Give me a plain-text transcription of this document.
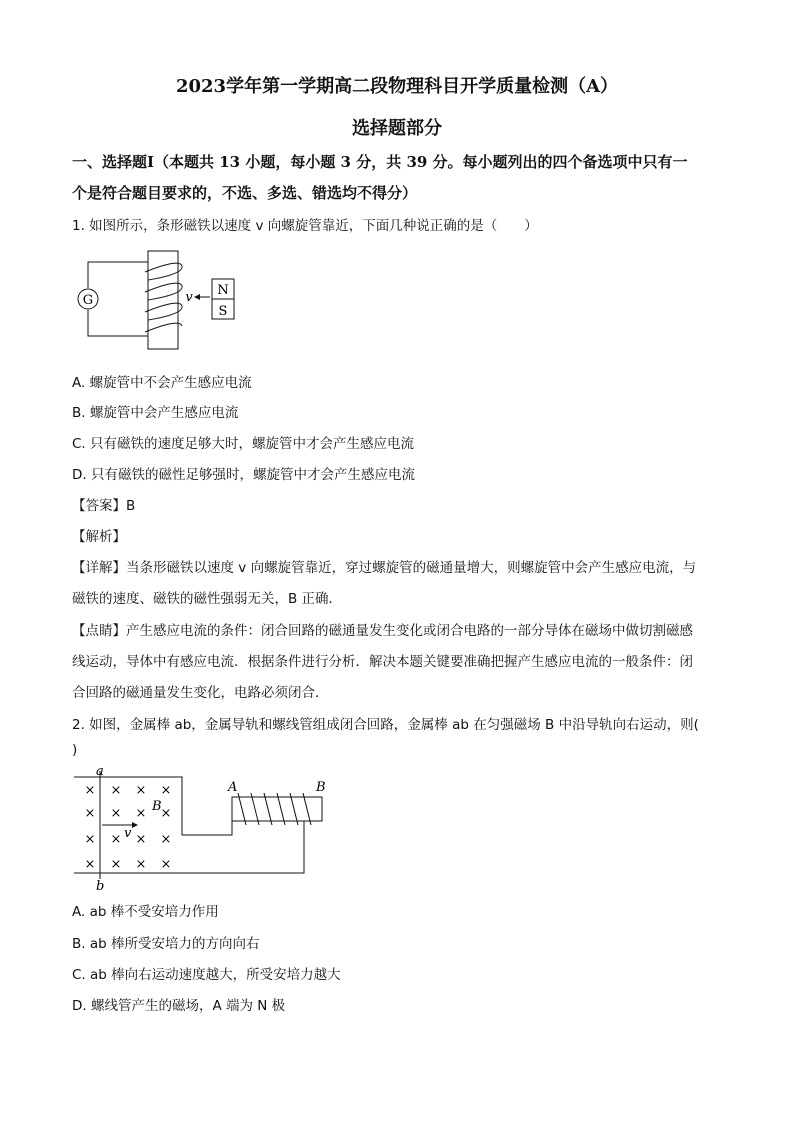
2023学年第一学期高二段物理科目开学质量检测（A）
选择题部分
一、选择题Ⅰ（本题共 13 小题，每小题 3 分，共 39 分。每小题列出的四个备选项中只有一
个是符合题目要求的，不选、多选、错选均不得分）
1. 如图所示，条形磁铁以速度 v 向螺旋管靠近，下面几种说正确的是（　　）
G	v N
S
A. 螺旋管中不会产生感应电流
B. 螺旋管中会产生感应电流
C. 只有磁铁的速度足够大时，螺旋管中才会产生感应电流
D. 只有磁铁的磁性足够强时，螺旋管中才会产生感应电流
【答案】B
【解析】
【详解】当条形磁铁以速度 v 向螺旋管靠近，穿过螺旋管的磁通量增大，则螺旋管中会产生感应电流，与
磁铁的速度、磁铁的磁性强弱无关，B 正确．
【点睛】产生感应电流的条件：闭合回路的磁通量发生变化或闭合电路的一部分导体在磁场中做切割磁感
线运动，导体中有感应电流．根据条件进行分析．解决本题关键要准确把握产生感应电流的一般条件：闭
合回路的磁通量发生变化，电路必须闭合．
2. 如图，金属棒 ab，金属导轨和螺线管组成闭合回路，金属棒 ab 在匀强磁场 B 中沿导轨向右运动，则(
)
× × × ×
× × × ×
× × × ×
× × × ×
a
b
B
v
A	B
A. ab 棒不受安培力作用
B. ab 棒所受安培力的方向向右
C. ab 棒向右运动速度越大，所受安培力越大
D. 螺线管产生的磁场，A 端为 N 极
